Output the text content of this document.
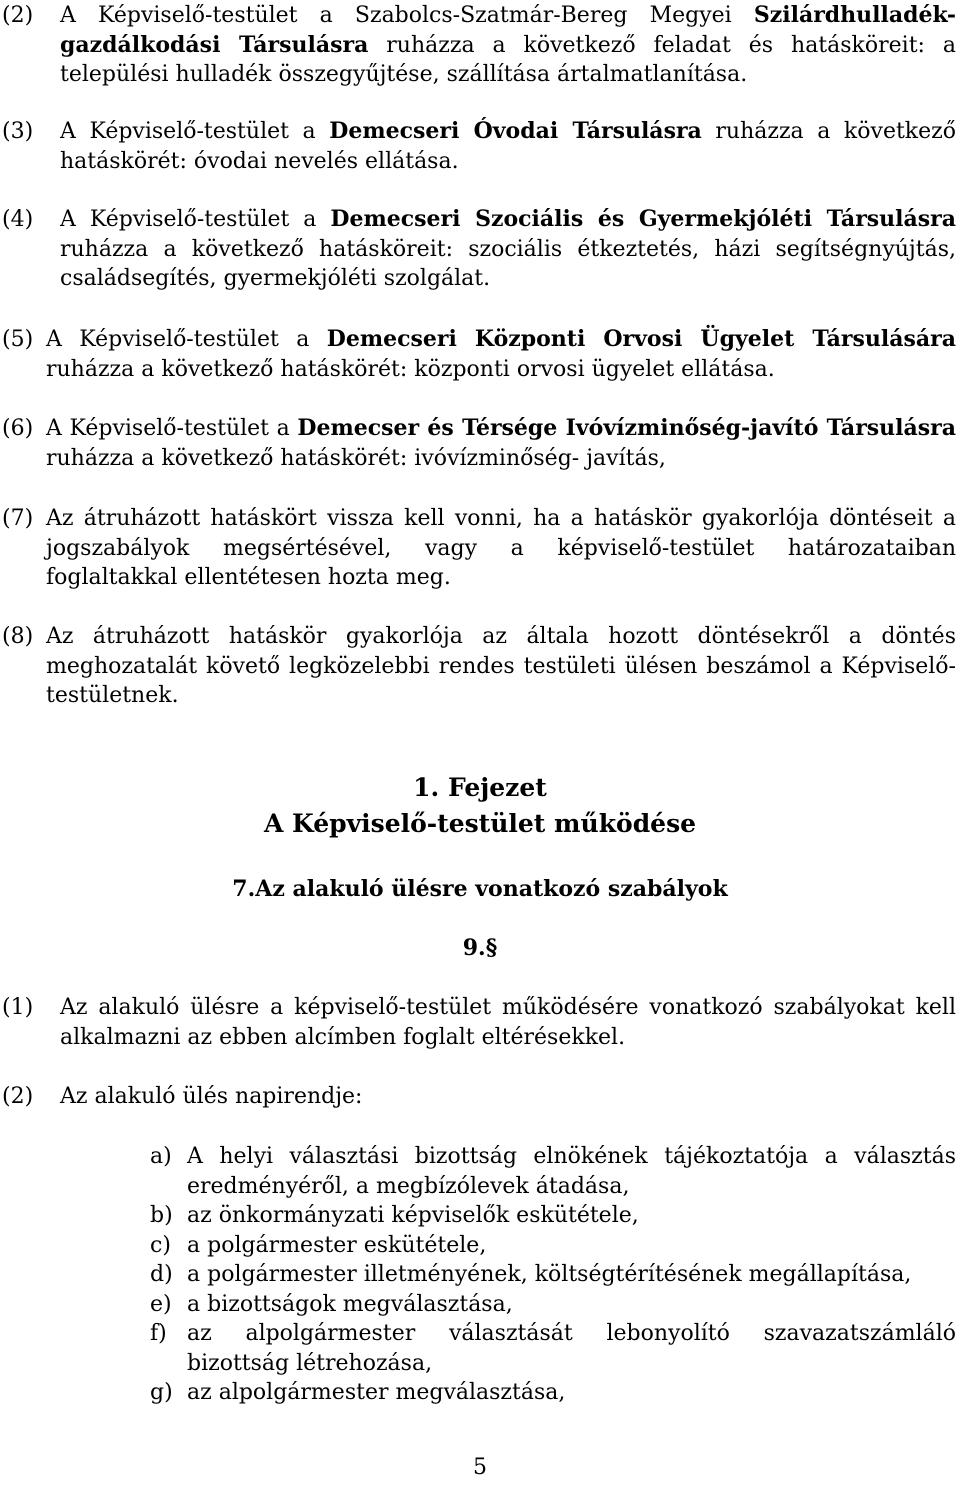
(2) A Képviselő-testület a Szabolcs-Szatmár-Bereg Megyei Szilárdhulladék-gazdálkodási Társulásra ruházza a következő feladat és hatásköreit: a települési hulladék összegyűjtése, szállítása ártalmatlanítása.

(3) A Képviselő-testület a Demecseri Óvodai Társulásra ruházza a következő hatáskörét: óvodai nevelés ellátása.

(4) A Képviselő-testület a Demecseri Szociális és Gyermekjóléti Társulásra ruházza a következő hatásköreit: szociális étkeztetés, házi segítségnyújtás, családsegítés, gyermekjóléti szolgálat.

(5) A Képviselő-testület a Demecseri Központi Orvosi Ügyelet Társulására ruházza a következő hatáskörét: központi orvosi ügyelet ellátása.

(6) A Képviselő-testület a Demecser és Térsége Ivóvízminőség-javító Társulásra ruházza a következő hatáskörét: ivóvízminőség- javítás,

(7) Az átruházott hatáskört vissza kell vonni, ha a hatáskör gyakorlója döntéseit a jogszabályok megsértésével, vagy a képviselő-testület határozataiban foglaltakkal ellentétesen hozta meg.

(8) Az átruházott hatáskör gyakorlója az általa hozott döntésekről a döntés meghozatalát követő legközelebbi rendes testületi ülésen beszámol a Képviselő-testületnek.

1. Fejezet

A Képviselő-testület működése

7.Az alakuló ülésre vonatkozó szabályok

9.§

(1) Az alakuló ülésre a képviselő-testület működésére vonatkozó szabályokat kell alkalmazni az ebben alcímben foglalt eltérésekkel.

(2) Az alakuló ülés napirendje:

a) A helyi választási bizottság elnökének tájékoztatója a választás eredményéről, a megbízólevek átadása,
b) az önkormányzati képviselők eskütétele,
c) a polgármester eskütétele,
d) a polgármester illetményének, költségtérítésének megállapítása,
e) a bizottságok megválasztása,
f) az alpolgármester választását lebonyolító szavazatszámláló bizottság létrehozása,
g) az alpolgármester megválasztása,
5
